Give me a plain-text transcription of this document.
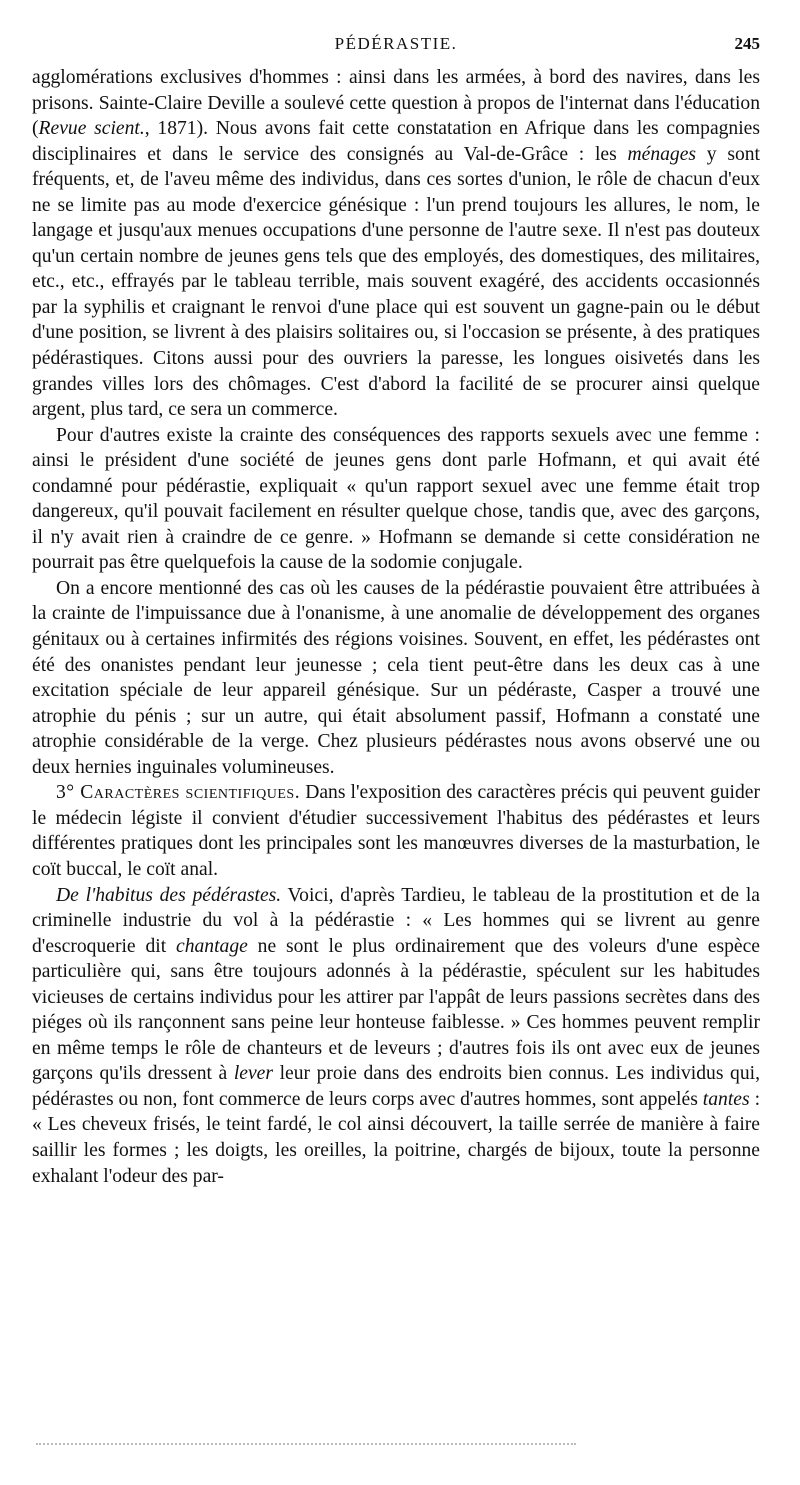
PÉDÉRASTIE.	245

agglomérations exclusives d'hommes : ainsi dans les armées, à bord des navires, dans les prisons. Sainte-Claire Deville a soulevé cette question à propos de l'internat dans l'éducation (Revue scient., 1871). Nous avons fait cette constatation en Afrique dans les compagnies disciplinaires et dans le service des consignés au Val-de-Grâce : les ménages y sont fréquents, et, de l'aveu même des individus, dans ces sortes d'union, le rôle de chacun d'eux ne se limite pas au mode d'exercice génésique : l'un prend toujours les allures, le nom, le langage et jusqu'aux menues occupations d'une personne de l'autre sexe. Il n'est pas douteux qu'un certain nombre de jeunes gens tels que des employés, des domestiques, des militaires, etc., etc., effrayés par le tableau terrible, mais souvent exagéré, des accidents occasionnés par la syphilis et craignant le renvoi d'une place qui est souvent un gagne-pain ou le début d'une position, se livrent à des plaisirs solitaires ou, si l'occasion se présente, à des pratiques pédérastiques. Citons aussi pour des ouvriers la paresse, les longues oisivetés dans les grandes villes lors des chômages. C'est d'abord la facilité de se procurer ainsi quelque argent, plus tard, ce sera un commerce.

Pour d'autres existe la crainte des conséquences des rapports sexuels avec une femme : ainsi le président d'une société de jeunes gens dont parle Hofmann, et qui avait été condamné pour pédérastie, expliquait « qu'un rapport sexuel avec une femme était trop dangereux, qu'il pouvait facilement en résulter quelque chose, tandis que, avec des garçons, il n'y avait rien à craindre de ce genre. » Hofmann se demande si cette considération ne pourrait pas être quelquefois la cause de la sodomie conjugale.

On a encore mentionné des cas où les causes de la pédérastie pouvaient être attribuées à la crainte de l'impuissance due à l'onanisme, à une anomalie de développement des organes génitaux ou à certaines infirmités des régions voisines. Souvent, en effet, les pédérastes ont été des onanistes pendant leur jeunesse ; cela tient peut-être dans les deux cas à une excitation spéciale de leur appareil génésique. Sur un pédéraste, Casper a trouvé une atrophie du pénis ; sur un autre, qui était absolument passif, Hofmann a constaté une atrophie considérable de la verge. Chez plusieurs pédérastes nous avons observé une ou deux hernies inguinales volumineuses.

3° Caractères scientifiques. Dans l'exposition des caractères précis qui peuvent guider le médecin légiste il convient d'étudier successivement l'habitus des pédérastes et leurs différentes pratiques dont les principales sont les manœuvres diverses de la masturbation, le coït buccal, le coït anal.

De l'habitus des pédérastes. Voici, d'après Tardieu, le tableau de la prostitution et de la criminelle industrie du vol à la pédérastie : « Les hommes qui se livrent au genre d'escroquerie dit chantage ne sont le plus ordinairement que des voleurs d'une espèce particulière qui, sans être toujours adonnés à la pédérastie, spéculent sur les habitudes vicieuses de certains individus pour les attirer par l'appât de leurs passions secrètes dans des piéges où ils rançonnent sans peine leur honteuse faiblesse. » Ces hommes peuvent remplir en même temps le rôle de chanteurs et de leveurs ; d'autres fois ils ont avec eux de jeunes garçons qu'ils dressent à lever leur proie dans des endroits bien connus. Les individus qui, pédérastes ou non, font commerce de leurs corps avec d'autres hommes, sont appelés tantes : « Les cheveux frisés, le teint fardé, le col ainsi découvert, la taille serrée de manière à faire saillir les formes ; les doigts, les oreilles, la poitrine, chargés de bijoux, toute la personne exhalant l'odeur des par-
